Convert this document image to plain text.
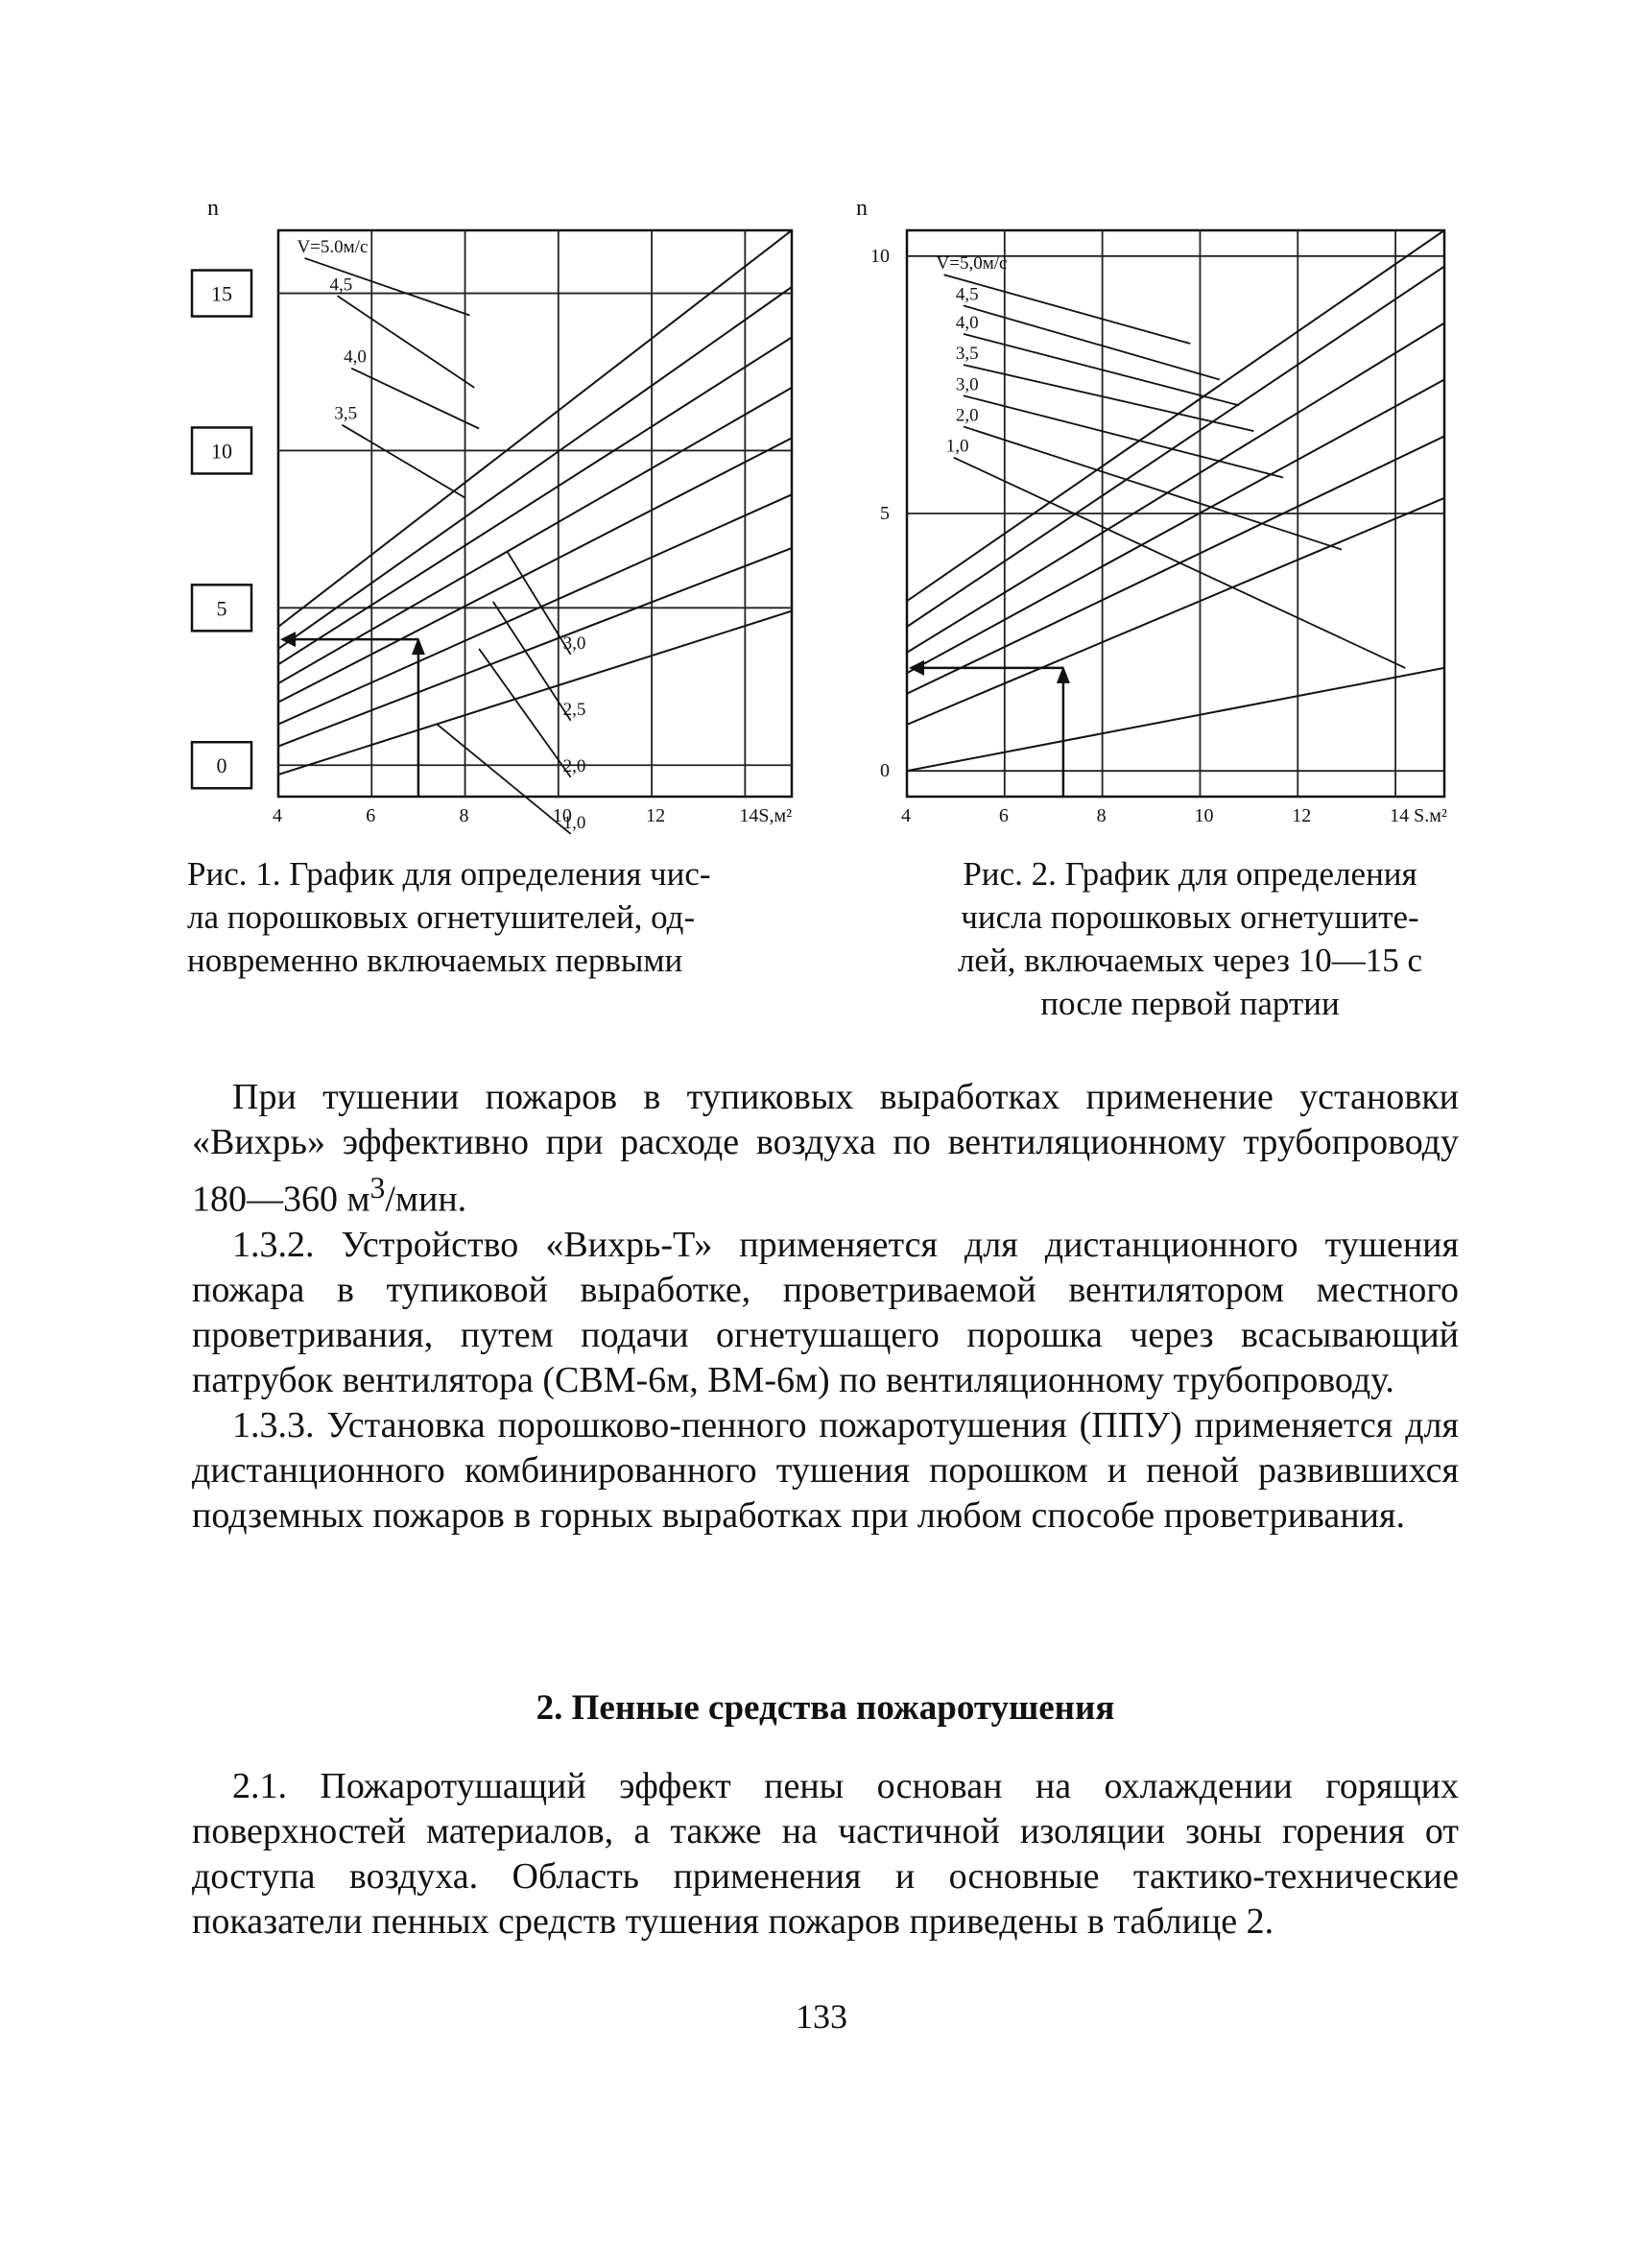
V=5.0м/с
4,5
4,0
3,5
3,0
2,5
2,0
1,0
4	6	8	10	12	14S,м²
n
15
10
5
0
V=5,0м/с
4,5
4,0
3,5
3,0
2,0
1,0
4	6	8	10	12	14 S.м²
n
10
5
0
Рис. 1. График для определения чис-
ла порошковых огнетушителей, од-
новременно включаемых первыми
Рис. 2. График для определения
числа порошковых огнетушите-
лей, включаемых через 10—15 с
после первой партии

При тушении пожаров в тупиковых выработках применение установки «Вихрь» эффективно при расходе воздуха по вентиляционному трубопроводу 180—360 $м^3$/мин.

1.3.2. Устройство «Вихрь-Т» применяется для дистанционного тушения пожара в тупиковой выработке, проветриваемой вентилятором местного проветривания, путем подачи огнетушащего порошка через всасывающий патрубок вентилятора (СВМ-6м, ВМ-6м) по вентиляционному трубопроводу.

1.3.3. Установка порошково-пенного пожаротушения (ППУ) применяется для дистанционного комбинированного тушения порошком и пеной развившихся подземных пожаров в горных выработках при любом способе проветривания.

2. Пенные средства пожаротушения

2.1. Пожаротушащий эффект пены основан на охлаждении горящих поверхностей материалов, а также на частичной изоляции зоны горения от доступа воздуха. Область применения и основные тактико-технические показатели пенных средств тушения пожаров приведены в таблице 2.

133
